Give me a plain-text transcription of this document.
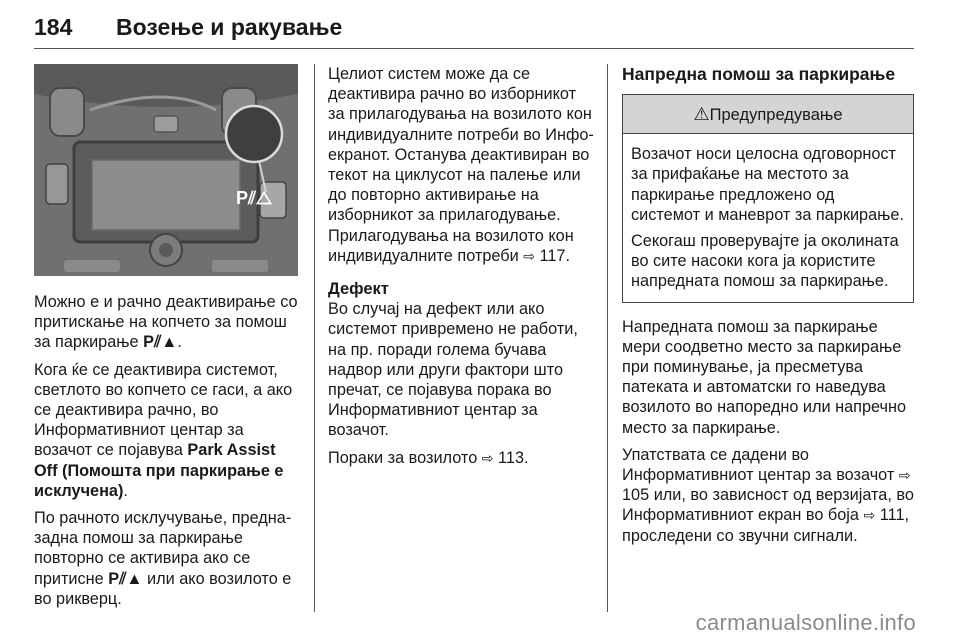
184 Возење и ракување
P⫽△

Можно е и рачно деактивирање со притискање на копчето за помош за паркирање P⫽▲.

Кога ќе се деактивира системот, светлото во копчето се гаси, а ако се деактивира рачно, во Информативниот центар за возачот се појавува Park Assist Off (Помошта при паркирање е исклучена).

По рачното исклучување, предна-задна помош за паркирање повторно се активира ако се притисне P⫽▲ или ако возилото е во рикверц.

Целиот систем може да се деактивира рачно во изборникот за прилагодувања на возилото кон индивидуалните потреби во Инфо-екранот. Останува деактивиран во текот на циклусот на палење или до повторно активирање на изборникот за прилагодување. Прилагодувања на возилото кон индивидуалните потреби ⇨ 117.

Дефект

Во случај на дефект или ако системот привремено не работи, на пр. поради голема бучава надвор или други фактори што пречат, се појавува порака во Информативниот центар за возачот.

Пораки за возилото ⇨ 113.

Напредна помош за паркирање
⚠Предупредување

Возачот носи целосна одговорност за прифаќање на местото за паркирање предложено од системот и маневрот за паркирање.

Секогаш проверувајте ја околината во сите насоки кога ја користите напредната помош за паркирање.

Напредната помош за паркирање мери соодветно место за паркирање при поминување, ја пресметува патеката и автоматски го наведува возилото во напоредно или напречно место за паркирање.

Упатствата се дадени во Информативниот центар за возачот ⇨ 105 или, во зависност од верзијата, во Информативниот екран во боја ⇨ 111, проследени со звучни сигнали.

carmanualsonline.info
